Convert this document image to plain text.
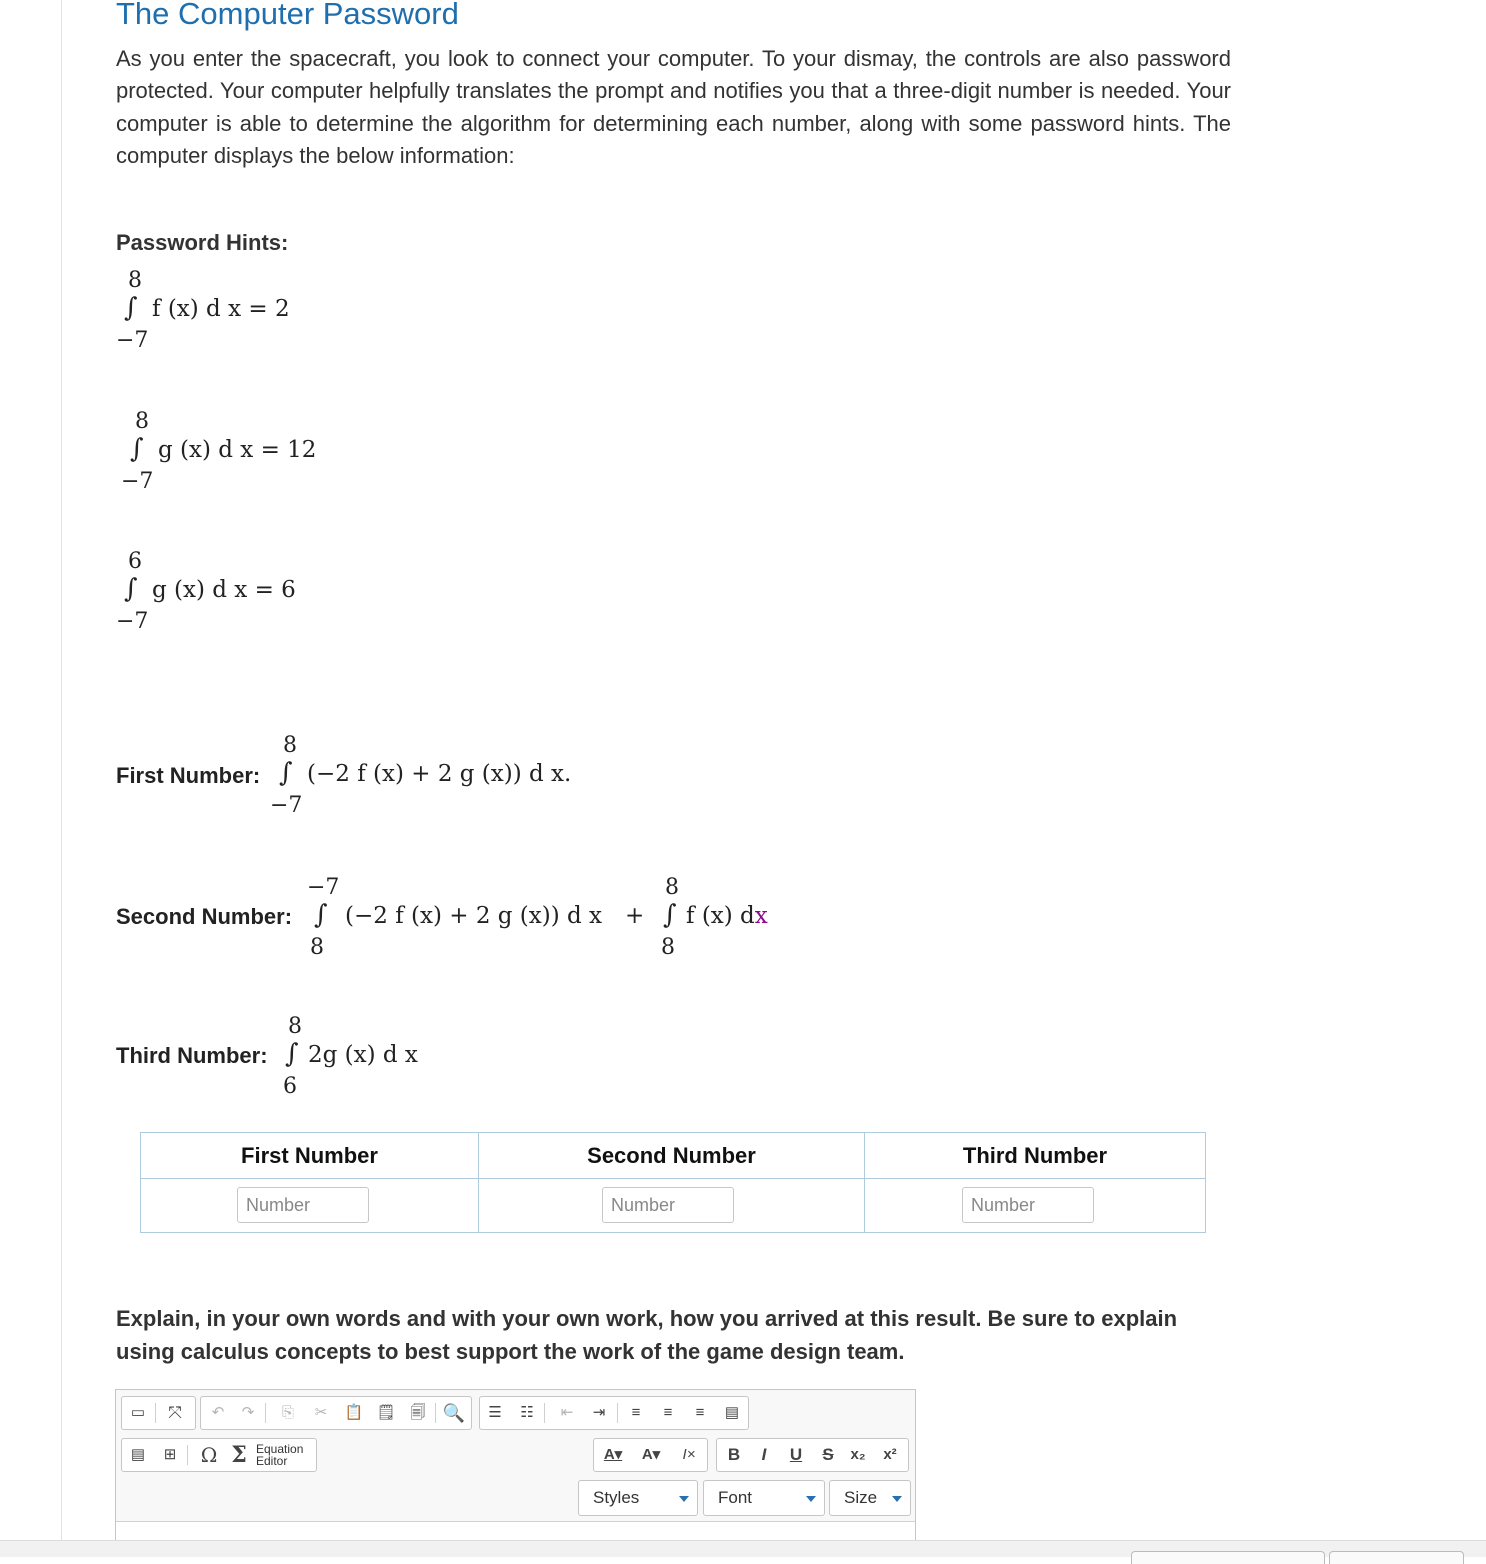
The Computer Password
As you enter the spacecraft, you look to connect your computer. To your dismay, the controls are also password protected. Your computer helpfully translates the prompt and notifies you that a three-digit number is needed. Your computer is able to determine the algorithm for determining each number, along with some password hints. The computer displays the below information:
Password Hints:
8
∫ f (x) d x = 2
−7
8
∫ g (x) d x = 12
−7
6
∫ g (x) d x = 6
−7
First Number:
8
∫ (−2 f (x) + 2 g (x)) d x.
−7
Second Number:
−7
∫ (−2 f (x) + 2 g (x)) d x
8
+
8
∫ f (x) dx
8
Third Number:
8
∫ 2g (x) d x
6
First Number	Second Number	Third Number

Number	
Number	
Number
Explain, in your own words and with your own work, how you arrived at this result. Be sure to explain using calculus concepts to best support the work of the game design team.
▭	⤧	↶	↷	⎘	✂	📋 🗒 🗐 🔍	☰	☷	⇤	⇥	≡	≡	≡	▤
▤	⊞	Ω Σ Equation
Editor	A▾ A▾	I×	B	I	U	S	x₂	x²
Styles	Font	Size
